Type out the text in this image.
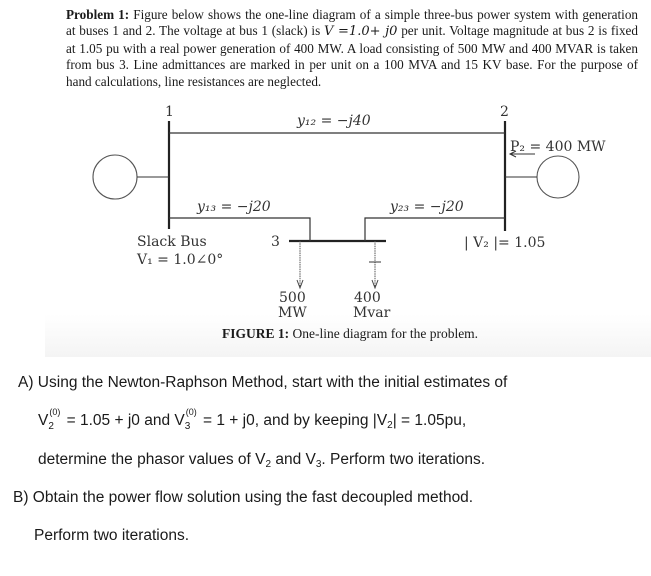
Problem 1: Figure below shows the one-line diagram of a simple three-bus power system with generation at buses 1 and 2. The voltage at bus 1 (slack) is V =1.0+ j0 per unit. Voltage magnitude at bus 2 is fixed at 1.05 pu with a real power generation of 400 MW. A load consisting of 500 MW and 400 MVAR is taken from bus 3. Line admittances are marked in per unit on a 100 MVA and 15 KV base. For the purpose of hand calculations, line resistances are neglected.
1	2
3
y₁₂ = −j40
y₁₃ = −j20	y₂₃ = −j20
Slack Bus
V₁ = 1.0∠0°
P₂ = 400 MW
| V₂ |= 1.05
500
MW
400
Mvar
FIGURE 1: One-line diagram for the problem.
A) Using the Newton-Raphson Method, start with the initial estimates of
V 2
(0) = 1.05 + j0 and V 3
(0) = 1 + j0, and by keeping $|V_2| = 1.05pu$,
determine the phasor values of $V_2$ and $V_3$. Perform two iterations.
B) Obtain the power flow solution using the fast decoupled method.
Perform two iterations.
